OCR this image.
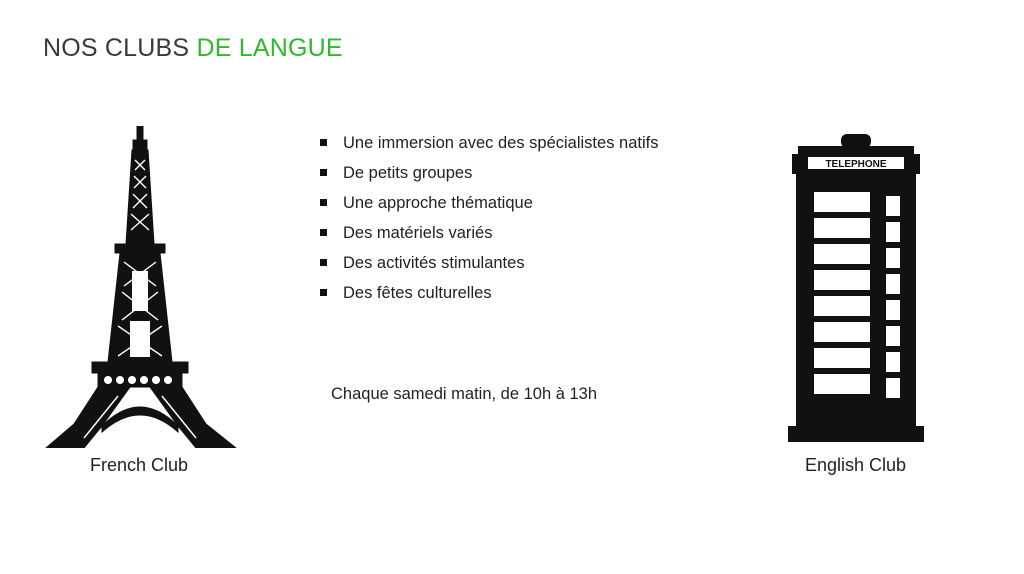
NOS CLUBS DE LANGUE
TELEPHONE
French Club	English Club
Une immersion avec des spécialistes natifs
De petits groupes
Une approche thématique
Des matériels variés
Des activités stimulantes
Des fêtes culturelles
Chaque samedi matin, de 10h à 13h
